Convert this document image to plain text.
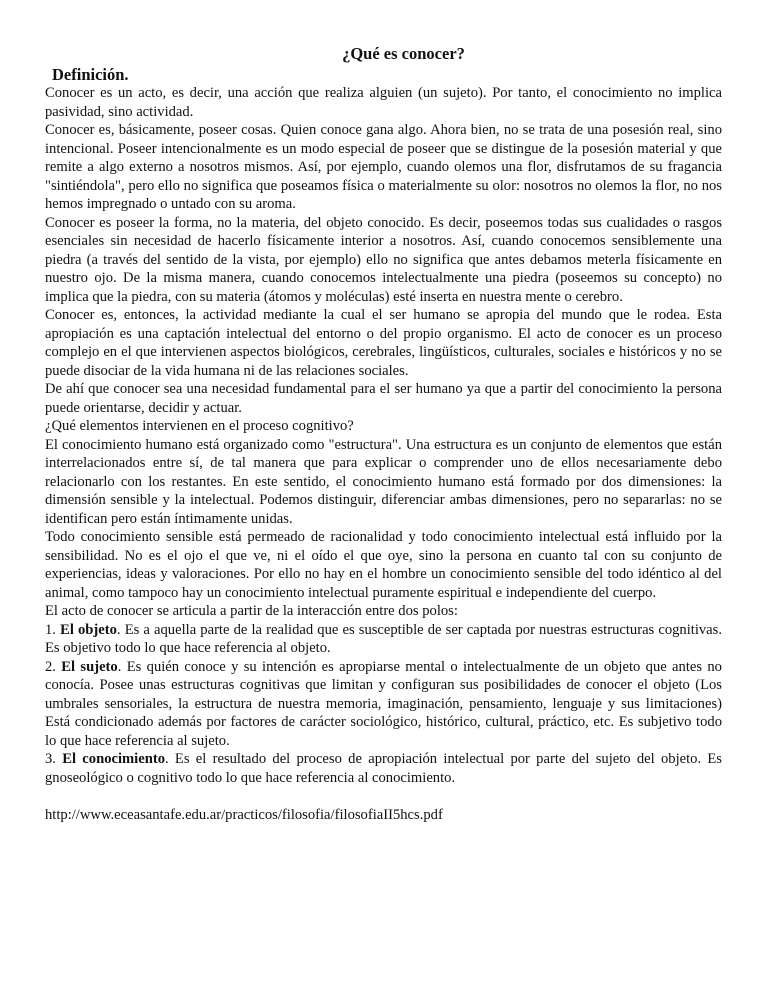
¿Qué es conocer?
Definición.

Conocer es un acto, es decir, una acción que realiza alguien (un sujeto). Por tanto, el conocimiento no implica pasividad, sino actividad.

Conocer es, básicamente, poseer cosas. Quien conoce gana algo. Ahora bien, no se trata de una posesión real, sino intencional. Poseer intencionalmente es un modo especial de poseer que se distingue de la posesión material y que remite a algo externo a nosotros mismos. Así, por ejemplo, cuando olemos una flor, disfrutamos de su fragancia "sintiéndola", pero ello no significa que poseamos física o materialmente su olor: nosotros no olemos la flor, no nos hemos impregnado o untado con su aroma.

Conocer es poseer la forma, no la materia, del objeto conocido. Es decir, poseemos todas sus cualidades o rasgos esenciales sin necesidad de hacerlo físicamente interior a nosotros. Así, cuando conocemos sensiblemente una piedra (a través del sentido de la vista, por ejemplo) ello no significa que antes debamos meterla físicamente en nuestro ojo. De la misma manera, cuando conocemos intelectualmente una piedra (poseemos su concepto) no implica que la piedra, con su materia (átomos y moléculas) esté inserta en nuestra mente o cerebro.

Conocer es, entonces, la actividad mediante la cual el ser humano se apropia del mundo que le rodea. Esta apropiación es una captación intelectual del entorno o del propio organismo. El acto de conocer es un proceso complejo en el que intervienen aspectos biológicos, cerebrales, lingüísticos, culturales, sociales e históricos y no se puede disociar de la vida humana ni de las relaciones sociales.

De ahí que conocer sea una necesidad fundamental para el ser humano ya que a partir del conocimiento la persona puede orientarse, decidir y actuar.

¿Qué elementos intervienen en el proceso cognitivo?

El conocimiento humano está organizado como "estructura". Una estructura es un conjunto de elementos que están interrelacionados entre sí, de tal manera que para explicar o comprender uno de ellos necesariamente debo relacionarlo con los restantes. En este sentido, el conocimiento humano está formado por dos dimensiones: la dimensión sensible y la intelectual. Podemos distinguir, diferenciar ambas dimensiones, pero no separarlas: no se identifican pero están íntimamente unidas.

Todo conocimiento sensible está permeado de racionalidad y todo conocimiento intelectual está influido por la sensibilidad. No es el ojo el que ve, ni el oído el que oye, sino la persona en cuanto tal con su conjunto de experiencias, ideas y valoraciones. Por ello no hay en el hombre un conocimiento sensible del todo idéntico al del animal, como tampoco hay un conocimiento intelectual puramente espiritual e independiente del cuerpo.

El acto de conocer se articula a partir de la interacción entre dos polos:

1. El objeto. Es a aquella parte de la realidad que es susceptible de ser captada por nuestras estructuras cognitivas. Es objetivo todo lo que hace referencia al objeto.

2. El sujeto. Es quién conoce y su intención es apropiarse mental o intelectualmente de un objeto que antes no conocía. Posee unas estructuras cognitivas que limitan y configuran sus posibilidades de conocer el objeto (Los umbrales sensoriales, la estructura de nuestra memoria, imaginación, pensamiento, lenguaje y sus limitaciones) Está condicionado además por factores de carácter sociológico, histórico, cultural, práctico, etc. Es subjetivo todo lo que hace referencia al sujeto.

3. El conocimiento. Es el resultado del proceso de apropiación intelectual por parte del sujeto del objeto. Es gnoseológico o cognitivo todo lo que hace referencia al conocimiento.

http://www.eceasantafe.edu.ar/practicos/filosofia/filosofiaII5hcs.pdf
